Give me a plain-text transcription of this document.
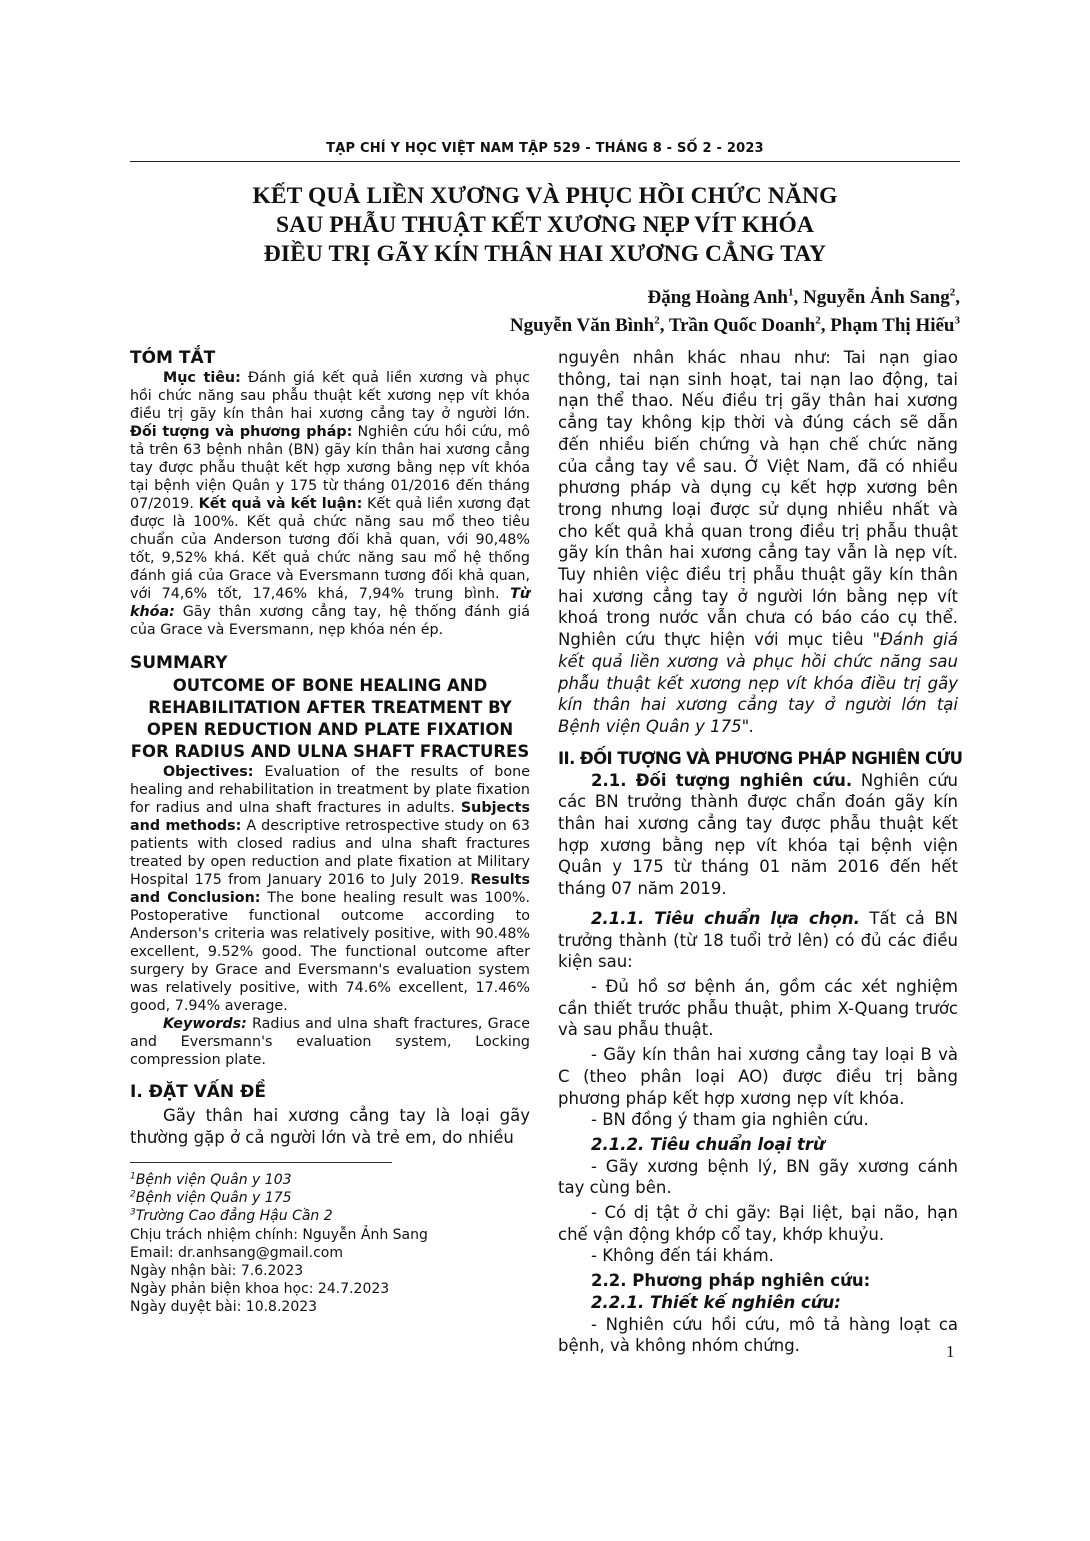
TẠP CHÍ Y HỌC VIỆT NAM TẬP 529 - THÁNG 8 - SỐ 2 - 2023
KẾT QUẢ LIỀN XƯƠNG VÀ PHỤC HỒI CHỨC NĂNG
SAU PHẪU THUẬT KẾT XƯƠNG NẸP VÍT KHÓA
ĐIỀU TRỊ GÃY KÍN THÂN HAI XƯƠNG CẲNG TAY
Đặng Hoàng Anh$^1$, Nguyễn Ảnh Sang$^2$,
Nguyễn Văn Bình$^2$, Trần Quốc Doanh$^2$, Phạm Thị Hiếu$^3$

TÓM TẮT

Mục tiêu: Đánh giá kết quả liền xương và phục hồi chức năng sau phẫu thuật kết xương nẹp vít khóa điều trị gãy kín thân hai xương cẳng tay ở người lớn. Đối tượng và phương pháp: Nghiên cứu hồi cứu, mô tả trên 63 bệnh nhân (BN) gãy kín thân hai xương cẳng tay được phẫu thuật kết hợp xương bằng nẹp vít khóa tại bệnh viện Quân y 175 từ tháng 01/2016 đến tháng 07/2019. Kết quả và kết luận: Kết quả liền xương đạt được là 100%. Kết quả chức năng sau mổ theo tiêu chuẩn của Anderson tương đối khả quan, với 90,48% tốt, 9,52% khá. Kết quả chức năng sau mổ hệ thống đánh giá của Grace và Eversmann tương đối khả quan, với 74,6% tốt, 17,46% khá, 7,94% trung bình. Từ khóa: Gãy thân xương cẳng tay, hệ thống đánh giá của Grace và Eversmann, nẹp khóa nén ép.

SUMMARY

OUTCOME OF BONE HEALING AND
REHABILITATION AFTER TREATMENT BY
OPEN REDUCTION AND PLATE FIXATION
FOR RADIUS AND ULNA SHAFT FRACTURES

Objectives: Evaluation of the results of bone healing and rehabilitation in treatment by plate fixation for radius and ulna shaft fractures in adults. Subjects and methods: A descriptive retrospective study on 63 patients with closed radius and ulna shaft fractures treated by open reduction and plate fixation at Military Hospital 175 from January 2016 to July 2019. Results and Conclusion: The bone healing result was 100%. Postoperative functional outcome according to Anderson's criteria was relatively positive, with 90.48% excellent, 9.52% good. The functional outcome after surgery by Grace and Eversmann's evaluation system was relatively positive, with 74.6% excellent, 17.46% good, 7.94% average.

Keywords: Radius and ulna shaft fractures, Grace and Eversmann's evaluation system, Locking compression plate.

I. ĐẶT VẤN ĐỀ

Gãy thân hai xương cẳng tay là loại gãy thường gặp ở cả người lớn và trẻ em, do nhiều

$^1$Bệnh viện Quân y 103

$^2$Bệnh viện Quân y 175

$^3$Trường Cao đẳng Hậu Cần 2

Chịu trách nhiệm chính: Nguyễn Ảnh Sang

Email: dr.anhsang@gmail.com

Ngày nhận bài: 7.6.2023

Ngày phản biện khoa học: 24.7.2023

Ngày duyệt bài: 10.8.2023

nguyên nhân khác nhau như: Tai nạn giao thông, tai nạn sinh hoạt, tai nạn lao động, tai nạn thể thao. Nếu điều trị gãy thân hai xương cẳng tay không kịp thời và đúng cách sẽ dẫn đến nhiều biến chứng và hạn chế chức năng của cẳng tay về sau. Ở Việt Nam, đã có nhiều phương pháp và dụng cụ kết hợp xương bên trong nhưng loại được sử dụng nhiều nhất và cho kết quả khả quan trong điều trị phẫu thuật gãy kín thân hai xương cẳng tay vẫn là nẹp vít. Tuy nhiên việc điều trị phẫu thuật gãy kín thân hai xương cẳng tay ở người lớn bằng nẹp vít khoá trong nước vẫn chưa có báo cáo cụ thể. Nghiên cứu thực hiện với mục tiêu "Đánh giá kết quả liền xương và phục hồi chức năng sau phẫu thuật kết xương nẹp vít khóa điều trị gãy kín thân hai xương cẳng tay ở người lớn tại Bệnh viện Quân y 175".

II. ĐỐI TƯỢNG VÀ PHƯƠNG PHÁP NGHIÊN CỨU

2.1. Đối tượng nghiên cứu. Nghiên cứu các BN trưởng thành được chẩn đoán gãy kín thân hai xương cẳng tay được phẫu thuật kết hợp xương bằng nẹp vít khóa tại bệnh viện Quân y 175 từ tháng 01 năm 2016 đến hết tháng 07 năm 2019.

2.1.1. Tiêu chuẩn lựa chọn. Tất cả BN trưởng thành (từ 18 tuổi trở lên) có đủ các điều kiện sau:

- Đủ hồ sơ bệnh án, gồm các xét nghiệm cần thiết trước phẫu thuật, phim X-Quang trước và sau phẫu thuật.

- Gãy kín thân hai xương cẳng tay loại B và C (theo phân loại AO) được điều trị bằng phương pháp kết hợp xương nẹp vít khóa.

- BN đồng ý tham gia nghiên cứu.

2.1.2. Tiêu chuẩn loại trừ

- Gãy xương bệnh lý, BN gãy xương cánh tay cùng bên.

- Có dị tật ở chi gãy: Bại liệt, bại não, hạn chế vận động khớp cổ tay, khớp khuỷu.

- Không đến tái khám.

2.2. Phương pháp nghiên cứu:

2.2.1. Thiết kế nghiên cứu:

- Nghiên cứu hồi cứu, mô tả hàng loạt ca bệnh, và không nhóm chứng.	1
